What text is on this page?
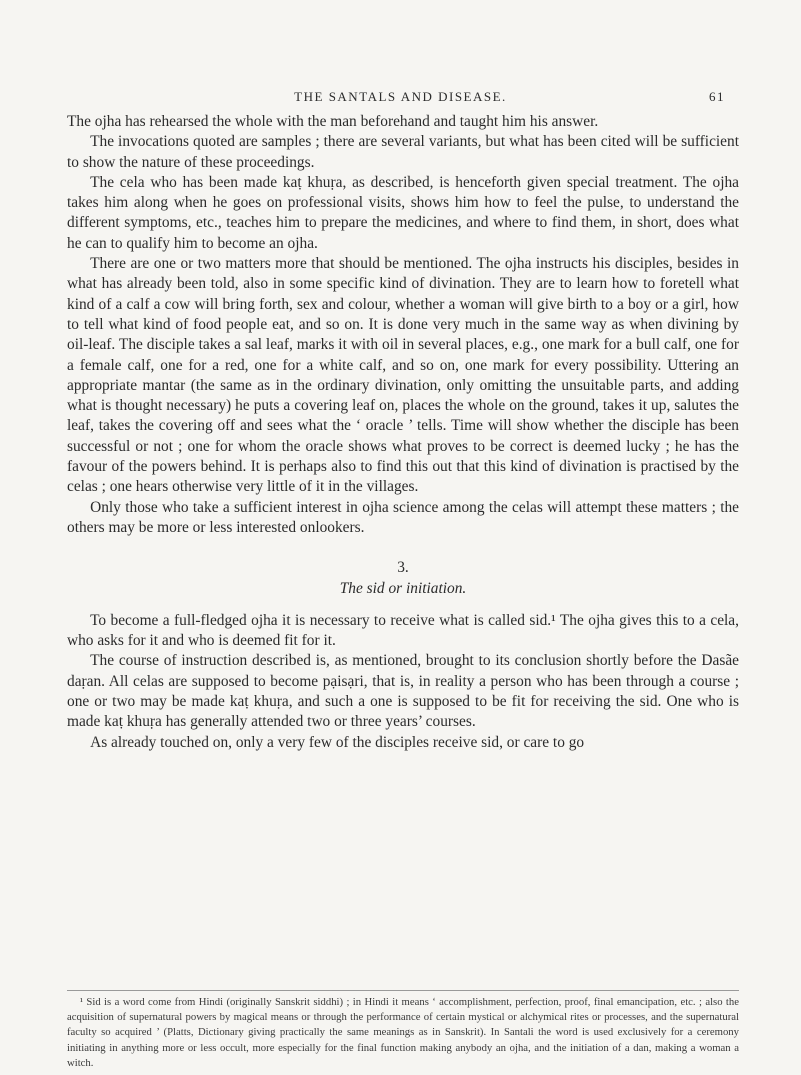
THE SANTALS AND DISEASE.	61

The ojha has rehearsed the whole with the man beforehand and taught him his answer.

The invocations quoted are samples ; there are several variants, but what has been cited will be sufficient to show the nature of these proceedings.

The cela who has been made kaṭ khuṛa, as described, is henceforth given special treatment. The ojha takes him along when he goes on professional visits, shows him how to feel the pulse, to understand the different symptoms, etc., teaches him to prepare the medicines, and where to find them, in short, does what he can to qualify him to become an ojha.

There are one or two matters more that should be mentioned. The ojha instructs his disciples, besides in what has already been told, also in some specific kind of divination. They are to learn how to foretell what kind of a calf a cow will bring forth, sex and colour, whether a woman will give birth to a boy or a girl, how to tell what kind of food people eat, and so on. It is done very much in the same way as when divining by oil-leaf. The disciple takes a sal leaf, marks it with oil in several places, e.g., one mark for a bull calf, one for a female calf, one for a red, one for a white calf, and so on, one mark for every possibility. Uttering an appropriate mantar (the same as in the ordinary divination, only omitting the unsuitable parts, and adding what is thought necessary) he puts a covering leaf on, places the whole on the ground, takes it up, salutes the leaf, takes the covering off and sees what the ‘ oracle ’ tells. Time will show whether the disciple has been successful or not ; one for whom the oracle shows what proves to be correct is deemed lucky ; he has the favour of the powers behind. It is perhaps also to find this out that this kind of divination is practised by the celas ; one hears otherwise very little of it in the villages.

Only those who take a sufficient interest in ojha science among the celas will attempt these matters ; the others may be more or less interested onlookers.

3.
The sid or initiation.

To become a full-fledged ojha it is necessary to receive what is called sid.¹ The ojha gives this to a cela, who asks for it and who is deemed fit for it.

The course of instruction described is, as mentioned, brought to its conclusion shortly before the Dasãe daṛan. All celas are supposed to become pạisạri, that is, in reality a person who has been through a course ; one or two may be made kaṭ khuṛa, and such a one is supposed to be fit for receiving the sid. One who is made kaṭ khuṛa has generally attended two or three years’ courses.

As already touched on, only a very few of the disciples receive sid, or care to go

¹ Sid is a word come from Hindi (originally Sanskrit siddhi) ; in Hindi it means ‘ accomplishment, perfection, proof, final emancipation, etc. ; also the acquisition of supernatural powers by magical means or through the performance of certain mystical or alchymical rites or processes, and the supernatural faculty so acquired ’ (Platts, Dictionary giving practically the same meanings as in Sanskrit). In Santali the word is used exclusively for a ceremony initiating in anything more or less occult, more especially for the final function making anybody an ojha, and the initiation of a dan, making a woman a witch.
